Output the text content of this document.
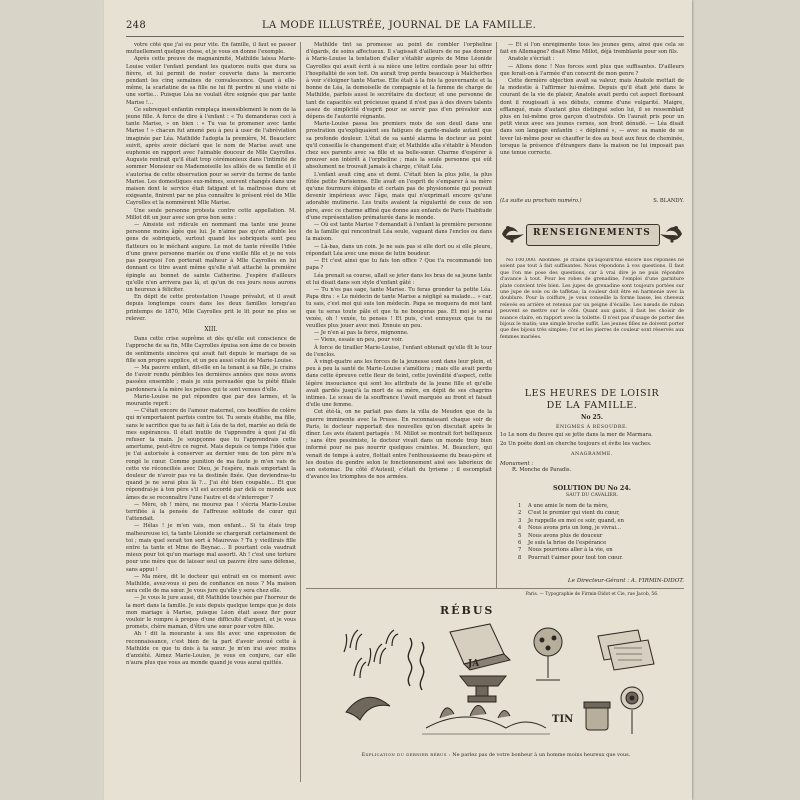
248	LA MODE ILLUSTRÉE, JOURNAL DE LA FAMILLE.

votre côté que j'ai eu peur vite. En famille, il faut se passer mutuellement quelque chose, et je vous en donne l'exemple.

Après cette preuve de magnanimité, Mathilde laissa Marie-Louise voiler l'enfant pendant les quatorze nuits que dura sa fièvre, et lui permit de rester couverte dans la mercerie pendant les cinq semaines de convalescence. Quant à elle-même, la scarlatine de sa fille ne lui fit perdre ni une visite ni une sortie… Puisque Léa ne voulait être soignée que par tante Marise !…

Ce subrequet enfantin remplaça insensiblement le nom de la jeune fille. À force de dire à l'enfant : « Tu demanderas ceci à tante Marise, » on bien : « Tu vas te promener avec tante Marise ! » chacun fut amené peu à peu à user de l'abréviation imaginée par Léa. Mathilde l'adopta la première, M. Beauclerc suivit, après avoir déclaré que le nom de Marise avait une euphonie en rapport avec l'aimable douceur de Mlle Cayrolles. Auguste rentrait qu'il était trop cérémonieux dans l'intimité de sommer Monsieur ou Mademoiselle les alliés de sa famille et il s'autorisa de cette observation pour se servir du terme de tante Marise. Les domestiques eux-mêmes, souvent changés dans une maison dont le service était fatigant et la maîtresse dure et exigeante, finirent par ne plus connaître le présent réel de Mlle Cayrolles et la nommèrent Mlle Marise.

Une seule personne protesta contre cette appellation. M. Millot dit un jour avec son gros bon sens :

— Ainsiste est ridicule en nommant ma tante une jeune personne moins âgée que lui. Je n'aime pas qu'on affuble les gens de sobriquets, surtout quand les sobriquets sont peu flatteurs ou le méchant augure. Le mot de tante réveille l'idée d'une grave personne mariée ou d'une vieille fille et je ne vois pas pourquoi l'on porterait malheur à Mlle Cayrolles en lui donnant ce titre avant même qu'elle n'ait attaché la première épingle au bonnet de sainte Catherine. J'espère d'ailleurs qu'elle n'en arrivera pas là, et qu'un de ces jours nous aurons un heureux à féliciter.

En dépit de cette protestation l'usage prévalut, et il avait depuis longtemps cours dans les deux familles lorsqu'au printemps de 1870, Mlle Cayrolles prit le lit pour ne plus se relever.

XIII.

Dans cette crise suprême et dès qu'elle eut conscience de l'approche de sa fin, Mlle Cayrolles épuisa son âme de ce besoin de sentiments sincères qui avait fait depuis le mariage de sa fille son propre supplice, et un peu aussi celui de Marie-Louise.

— Ma pauvre enfant, dit-elle en la tenant à sa fille, je crains de t'avoir rendu pénibles les dernières années que nous avons passées ensemble ; mais je suis persuadée que ta piété filiale pardonnera à la mère les peines qui te sont venues d'elle.

Marie-Louise ne put répondre que par des larmes, et la mourante reprit :

— C'était encore de l'amour maternel, ces bouffées de colère qui m'emportaient parfois contre toi. Tu serais établie, ma fille, sans le sacrifice que tu as fait à Léa de ta dot, mariée au delà de mes espérances. Il était inutile de t'apprendre à quoi j'ai dû refuser ta main. Je soupçonne que tu l'apprendrais cette amertume, peut-être ce regret. Mais depuis ce temps l'idée que je t'ai autorisée à conserver au dernier vœu de ton père m'a rongé le cœur. Comme punition de ma faute je m'en vais de cette vie réconciliée avec Dieu, je l'espère, mais emportant la douleur de n'avoir pas vu ta destinée fixée. Que deviendras-tu quand je ne serai plus là ?… J'ai été bien coupable… Et que répondrai-je à ton père s'il est accordé par delà ce monde aux âmes de se reconnaître l'une l'autre et de s'interroger ?

— Mère, oh ! mère, ne mourez pas ! s'écria Marie-Louise terrifiée à la pensée de l'affreuse solitude de cœur qui l'attendait.

— Hélas ! je m'en vais, mon enfant… Si tu étais trop malheureuse ici, ta tante Léonide se chargerait certainement de toi ; mais quel serait ton sort à Maurevas ? Tu y vieillirais fille entre ta tante et Mme de Beynac… Il pourtant cela vaudrait mieux pour toi qu'un mariage mal assorti. Ah ! c'est une torture pour une mère que de laisser seul un pauvre être sans défense, sans appui !

— Ma mère, dit le docteur qui entrait en ce moment avec Mathilde, avez-vous si peu de confiance en nous ? Ma maison sera celle de ma sœur. Je vous jure qu'elle y sera chez elle.

— Je vous le jure aussi, dit Mathilde touchée par l'horreur de la mort dans la famille. Je suis depuis quelque temps que je dois mon mariage à Marise, puisque Léon était assez fier pour vouloir le rompre à propos d'une difficulté d'argent, et je vous promets, chère maman, d'être une sœur pour votre fille.

Ah ! dit la mourante à ses fils avec une expression de reconnaissance, c'est bien de ta part d'avoir avoué cette à Mathilde ce que tu dois à ta sœur. Je m'en irai avec moins d'anxiété. Aimez Marie-Louise, je vous en conjure, car elle n'aura plus que vous au monde quand je vous aurai quittés.

Mathilde tint sa promesse au point de combler l'orpheline d'égards, de soins affectueux. Il s'agissait d'ailleurs de ne pas donner à Marie-Louise la tentation d'aller s'établir auprès de Mme Léonide Cayrolles qui avait écrit à sa nièce une lettre cordiale pour lui offrir l'hospitalité de son toit. On aurait trop perdu beaucoup à Malcherbes à voir s'éloigner tante Marise. Elle était à la fois la gouvernante et la bonne de Léa, la demoiselle de compagnie et la femme de charge de Mathilde, parfois aussi le secrétaire du docteur, et une personne de tant de capacités sut précieuse quand il n'est pas à des divers talents assez de simplicité d'esprit pour se servir pas d'en prévaloir aux dépens de l'autorité régnante.

Marie-Louise passa les premiers mois de son deuil dans une prostration qu'expliquaient ses fatigues de garde-malade autant que sa profonde douleur. L'état de sa santé alarma le docteur au point qu'il conseilla le changement d'air, et Mathilde alla s'établir à Meudon chez ses parents avec sa fille et sa belle-sœur. Charme d'espérer à prouver son intérêt à l'orpheline ; mais la seule personne qui eût absolument ne trouvait jamais à charge, c'était Léa.

L'enfant avait cinq ans et demi. C'était bien la plus jolie, la plus fûtée petite Parisienne. Elle avait en l'esprit de s'emparer à sa mère qu'une fourmure élégante et certain pas de physionomie qui pouvait devenir impérieux avec l'âge, mais qui n'exprimait encore qu'une adorable mutinerie. Les traits avaient la régularité de ceux de son père, avec ce charme affiné que donne aux enfants de Paris l'habitude d'une représentation prématurée dans le monde.

— Où est tante Marise ? demandait à l'enfant la première personne de la famille qui rencontrait Léa seule, vaguant dans l'enclos ou dans la maison.

— Là-bas, dans un coin. Je ne sais pas si elle dort ou si elle pleure, répondait Léa avec une moue de lutin boudeur.

— Et c'est ainsi que tu fais ton office ? Que t'a recommandé ton papa ?

Léa prenait sa course, allait se jeter dans les bras de sa jeune tante et lui disait dans son style d'enfant gâté :

— Tu n'es pas sage, tante Marise. Tu feras gronder ta petite Léa. Papa dira : « Le médecin de tante Marise a négligé sa malade… » car, tu sais, c'est moi qui suis ton médecin. Papa se moquera de moi tant que tu seras toute pâle et que tu ne bougeras pas. Et moi je serai vexée, oh ! vexée, tu penses ! Et puis, c'est ennuyeux que tu ne veuilles plus jouer avec moi. Ennuie un peu.

— Je n'en ai pas la force, mignonne.

— Viens, essaie un peu, pour voir.

À force de tirailler Marie-Louise, l'enfant obtenait qu'elle fît le tour de l'enclos.

À vingt-quatre ans les forces de la jeunesse sont dans leur plein, et peu à peu la santé de Marie-Louise s'améliora ; mais elle avait perdu dans cette épreuve cette fleur de teint, cette juvénilité d'aspect, cette légère insouciance qui sont les attributs de la jeune fille et qu'elle avait gardés jusqu'à la mort de sa mère, en dépit de ses chagrins intimes. Le sceau de la souffrance l'avait marquée au front et faisait d'elle une femme.

Cet été-là, on ne parlait pas dans la villa de Meudon que de la guerre imminente avec la Prusse. En reconnaissant chaque soir de Paris, le docteur rapportait des nouvelles qu'on discutait après le dîner. Les avis étaient partagés : M. Millot se montrait fort belliqueux ; sans être pessimiste, le docteur vivait dans un monde trop bien informé pour ne pas nourrir quelques craintes. M. Beauclerc, qui venait de temps à autre, flottait entre l'enthousiasme du beau-père et les doutes du gendre selon le fonctionnement aisé ses laborieux de son estomac. Du côté d'Auteuil, c'était du lyrisme ; il escomptait d'avance les triomphes de nos armées.

— Et si l'on enrégimente tous les jeunes gens, ainsi que cela se fait en Allemagne? disait Mme Millot, déjà tremblante pour son fils.

Anatole s'écriait :

— Allons donc ! Nos forces sont plus que suffisantes. D'ailleurs que ferait-on à l'armée d'un conscrit de mon genre ?

Cette dernière objection avait sa valeur, mais Anatole mettait de la modestie à l'affirmer lui-même. Depuis qu'il était jeté dans le courant de la vie de plaisir, Anatole avait perdu cet aspect florissant dont il rougissait à ses débuts, comme d'une vulgarité. Maigre, efflanqué, mais d'autant plus distingué selon lui, il se ressemblait plus en lui-même gros garçon d'autrefois. On l'aurait pris pour un petit vieux avec ses jeunes cernes, son front dénudé. — Léa disait dans son langage enfantin : « déplumé », — avec sa manie de se lever lui-même pour se chauffer le dos au bout aux feux de cheminée, lorsque la présence d'étrangers dans la maison ne lui imposait pas une tenue correcte.

(La suite au prochain numéro.)	S. BLANDY.
RENSEIGNEMENTS

No 100,000. Abonnée. Je crains qu'aujourd'hui encore nos réponses ne soient pas tout à fait suffisantes. Nous répondons à vos questions. Il faut que l'on me pose des questions, car à vrai dire je ne puis répondre d'avance à tout. Pour les robes de grenadine, l'emploi d'une garniture plate convient très bien. Les jupes de grenadine sont toujours portées sur une jupe de soie ou de taffetas; la couleur doit être en harmonie avec la doublure. Pour la coiffure, je vous conseille la forme basse, les cheveux relevés en arrière et retenus par un peigne d'écaille. Les nœuds de ruban peuvent se mettre sur le côté. Quant aux gants, il faut les choisir de nuance claire, en rapport avec la toilette. Il n'est pas d'usage de porter des bijoux le matin; une simple broche suffit. Les jeunes filles ne doivent porter que des bijoux très simples; l'or et les pierres de couleur sont réservés aux femmes mariées.

LES HEURES DE LOISIR
DE LA FAMILLE.
No 25.
ÉNIGMES À RÉSOUDRE.
1o Le nom du fleuve qui se jette dans la mer de Marmara.
2o Un poète dont on cherche toujours et évite les vaches.
ANAGRAMME.
Monument :
R. Monche de Paradis.
SOLUTION DU No 24.
SAUT DU CAVALIER.
1 A une amie le nom de ta mère,
2 C'est le premier qui vient du cœur,
3 Je rappelle en moi ce soir, quand, en
4 Nous avons pris un long, je vivrai…
5 Nous avons plus de douceur
6 Je suis la brise de l'espérance
7 Nous pourrions aller à la vie, en
8 Pourrait t'aimer pour tout ton cœur.
Le Directeur-Gérant : A. FIRMIN-DIDOT.
Paris. — Typographie de Firmin-Didot et Cie, rue Jacob, 56.
RÉBUS
JA
TIN
Explication du dernier rébus : Ne parlez pas de votre bonheur à un homme moins heureux que vous.
